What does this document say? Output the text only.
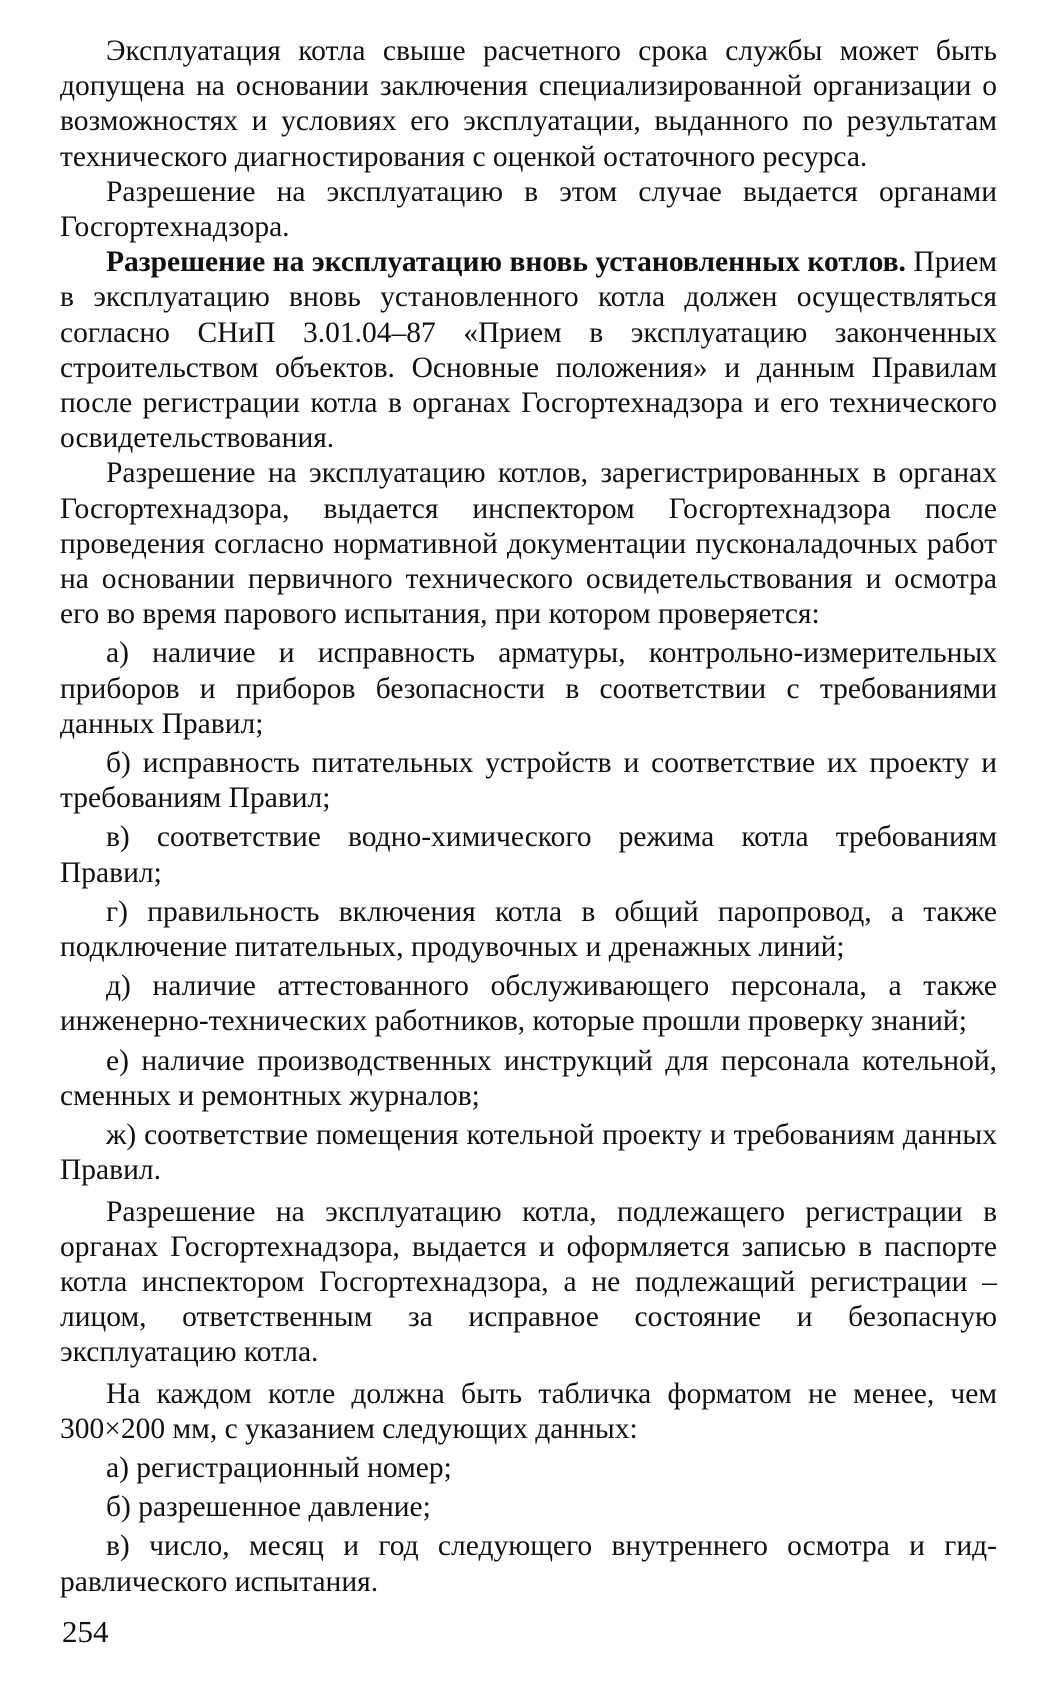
Эксплуатация котла свыше расчетного срока службы может быть допущена на основании заключения специализированной организации о возможностях и условиях его эксплуатации, выданного по результатам технического диагностирования с оценкой остаточного ресурса.

Разрешение на эксплуатацию в этом случае выдается органами Госгортехнадзора.

Разрешение на эксплуатацию вновь установленных котлов. Прием в эксплуатацию вновь установленного котла должен осуществляться согласно СНиП 3.01.04–87 «Прием в эксплуатацию законченных строительством объектов. Основные положения» и данным Правилам после регистрации котла в органах Госгортехнадзора и его технического освидетельствования.

Разрешение на эксплуатацию котлов, зарегистрированных в органах Госгортехнадзора, выдается инспектором Госгортехнадзора после проведения согласно нормативной документации пусконаладочных работ на основании первичного технического освидетельствования и осмотра его во время парового испытания, при котором проверяется:

а) наличие и исправность арматуры, контрольно-измерительных приборов и приборов безопасности в соответствии с требованиями данных Правил;

б) исправность питательных устройств и соответствие их проекту и требованиям Правил;

в) соответствие водно-химического режима котла требованиям Правил;

г) правильность включения котла в общий паропровод, а также подключение питательных, продувочных и дренажных линий;

д) наличие аттестованного обслуживающего персонала, а также инженерно-технических работников, которые прошли проверку знаний;

е) наличие производственных инструкций для персонала котельной, сменных и ремонтных журналов;

ж) соответствие помещения котельной проекту и требованиям данных Правил.

Разрешение на эксплуатацию котла, подлежащего регистрации в органах Госгортехнадзора, выдается и оформляется записью в паспорте котла инспектором Госгортехнадзора, а не подлежащий регистрации – лицом, ответственным за исправное состояние и безопасную эксплуатацию котла.

На каждом котле должна быть табличка форматом не менее, чем 300×200 мм, с указанием следующих данных:

а) регистрационный номер;

б) разрешенное давление;

в) число, месяц и год следующего внутреннего осмотра и гидравлического испытания.

254
